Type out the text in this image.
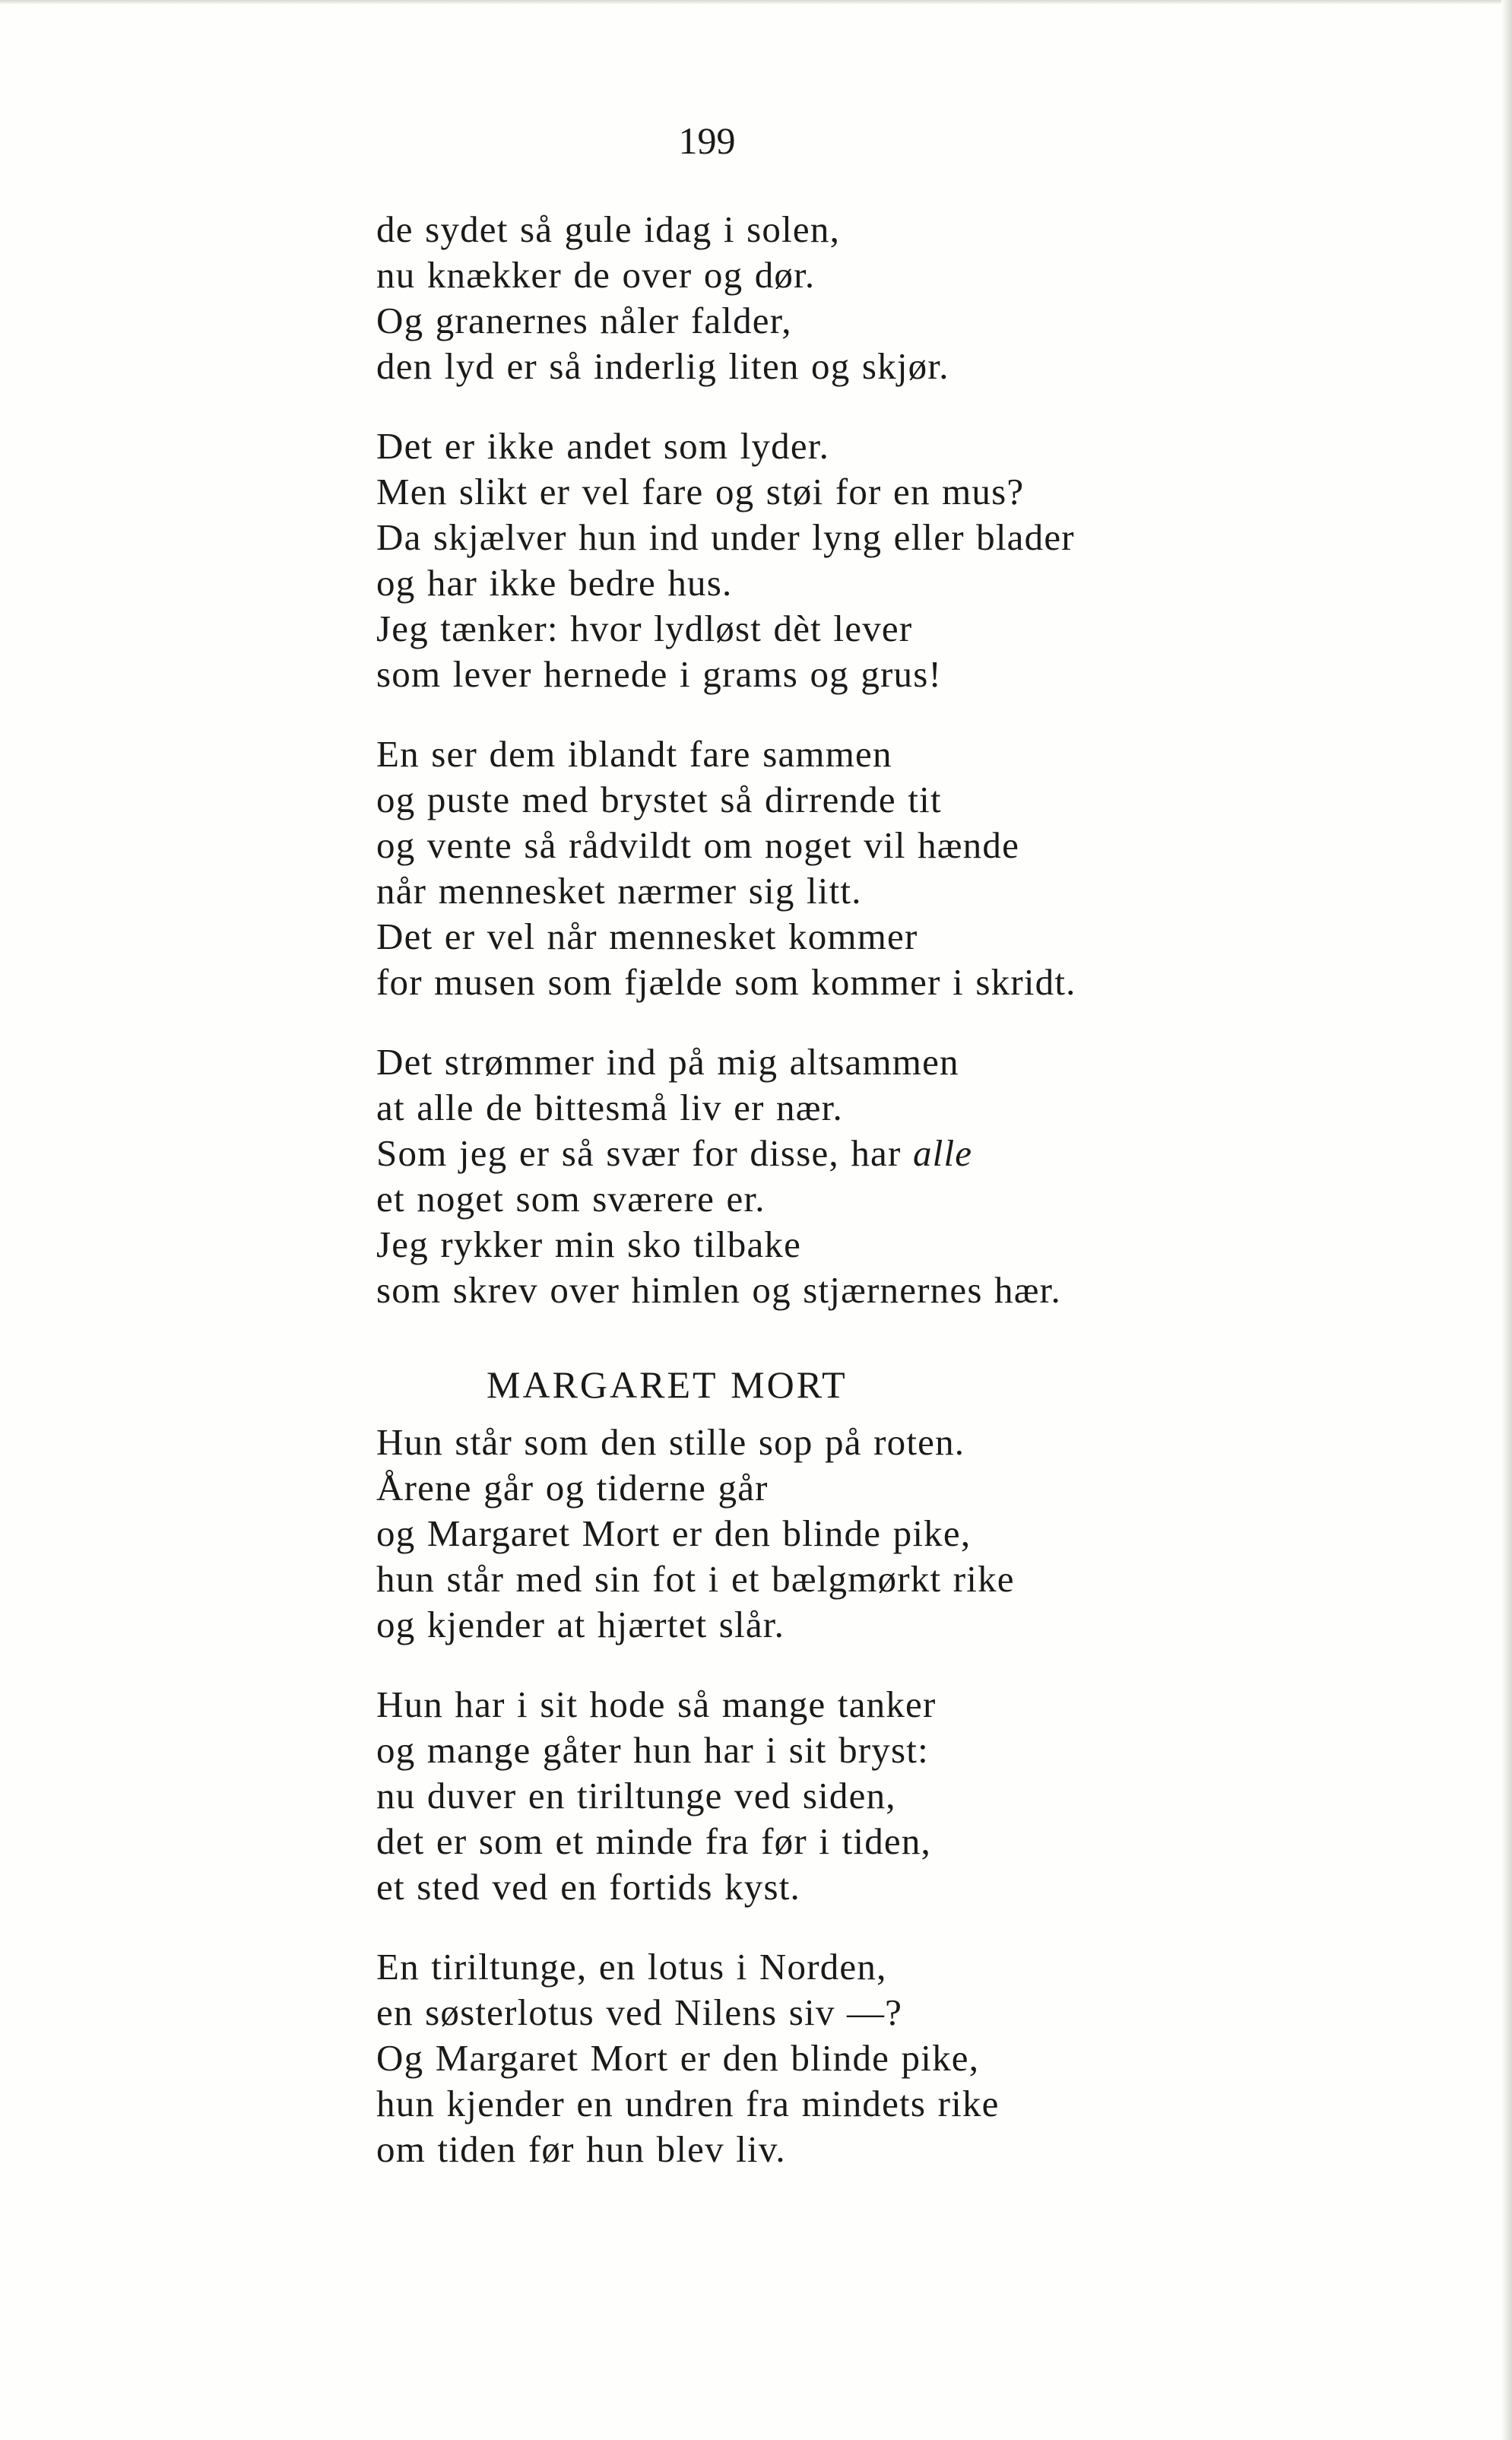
199
de sydet så gule idag i solen,
nu knækker de over og dør.
Og granernes nåler falder,
den lyd er så inderlig liten og skjør.
Det er ikke andet som lyder.
Men slikt er vel fare og støi for en mus?
Da skjælver hun ind under lyng eller blader
og har ikke bedre hus.
Jeg tænker: hvor lydløst dèt lever
som lever hernede i grams og grus!
En ser dem iblandt fare sammen
og puste med brystet så dirrende tit
og vente så rådvildt om noget vil hænde
når mennesket nærmer sig litt.
Det er vel når mennesket kommer
for musen som fjælde som kommer i skridt.
Det strømmer ind på mig altsammen
at alle de bittesmå liv er nær.
Som jeg er så svær for disse, har alle
et noget som sværere er.
Jeg rykker min sko tilbake
som skrev over himlen og stjærnernes hær.
MARGARET MORT
Hun står som den stille sop på roten.
Årene går og tiderne går
og Margaret Mort er den blinde pike,
hun står med sin fot i et bælgmørkt rike
og kjender at hjærtet slår.
Hun har i sit hode så mange tanker
og mange gåter hun har i sit bryst:
nu duver en tiriltunge ved siden,
det er som et minde fra før i tiden,
et sted ved en fortids kyst.
En tiriltunge, en lotus i Norden,
en søsterlotus ved Nilens siv —?
Og Margaret Mort er den blinde pike,
hun kjender en undren fra mindets rike
om tiden før hun blev liv.
